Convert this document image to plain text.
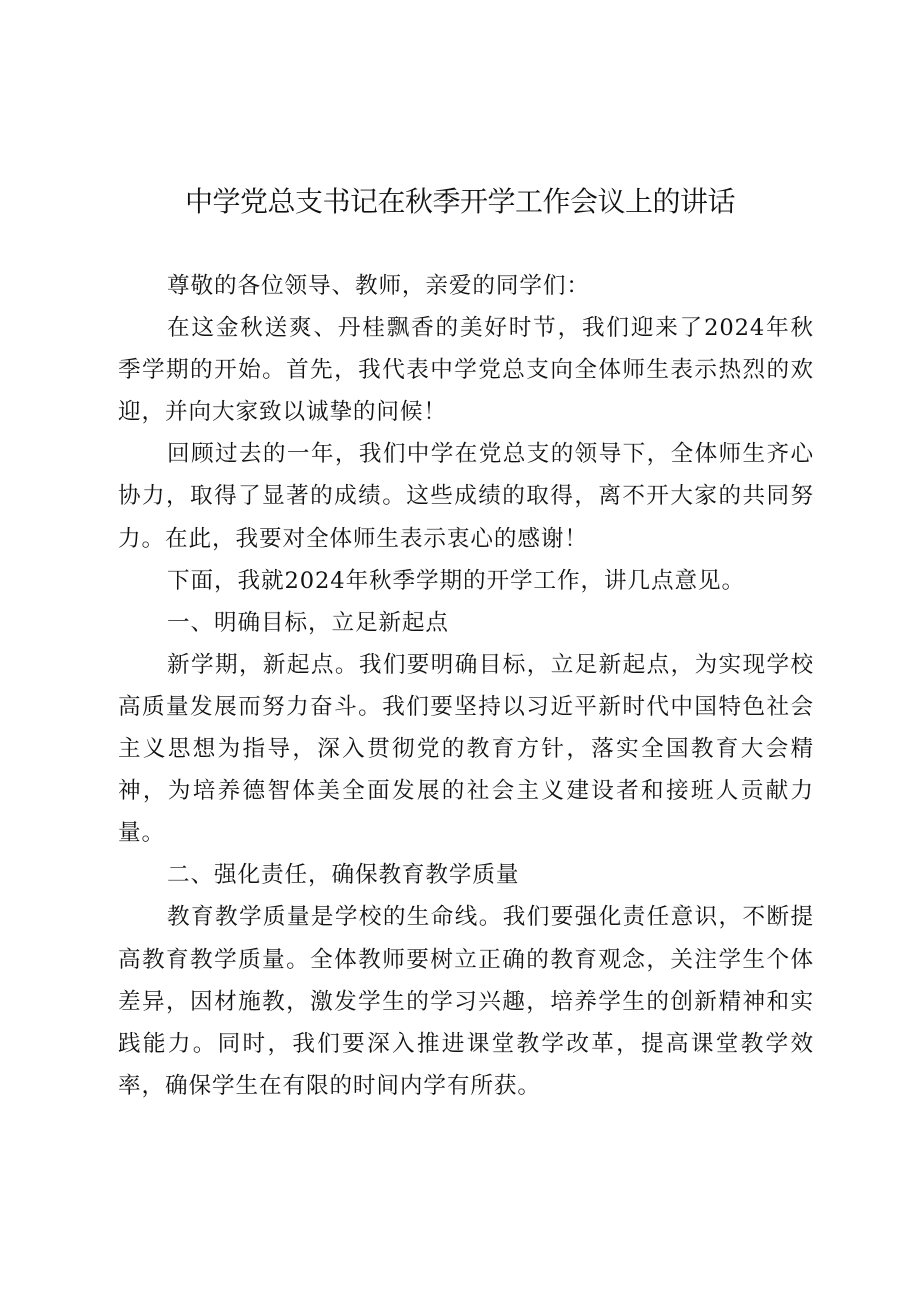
中学党总支书记在秋季开学工作会议上的讲话

尊敬的各位领导、教师，亲爱的同学们：

在这金秋送爽、丹桂飘香的美好时节，我们迎来了2024年秋季学期的开始。首先，我代表中学党总支向全体师生表示热烈的欢迎，并向大家致以诚挚的问候！

回顾过去的一年，我们中学在党总支的领导下，全体师生齐心协力，取得了显著的成绩。这些成绩的取得，离不开大家的共同努力。在此，我要对全体师生表示衷心的感谢！

下面，我就2024年秋季学期的开学工作，讲几点意见。

一、明确目标，立足新起点

新学期，新起点。我们要明确目标，立足新起点，为实现学校高质量发展而努力奋斗。我们要坚持以习近平新时代中国特色社会主义思想为指导，深入贯彻党的教育方针，落实全国教育大会精神，为培养德智体美全面发展的社会主义建设者和接班人贡献力量。

二、强化责任，确保教育教学质量

教育教学质量是学校的生命线。我们要强化责任意识，不断提高教育教学质量。全体教师要树立正确的教育观念，关注学生个体差异，因材施教，激发学生的学习兴趣，培养学生的创新精神和实践能力。同时，我们要深入推进课堂教学改革，提高课堂教学效率，确保学生在有限的时间内学有所获。
